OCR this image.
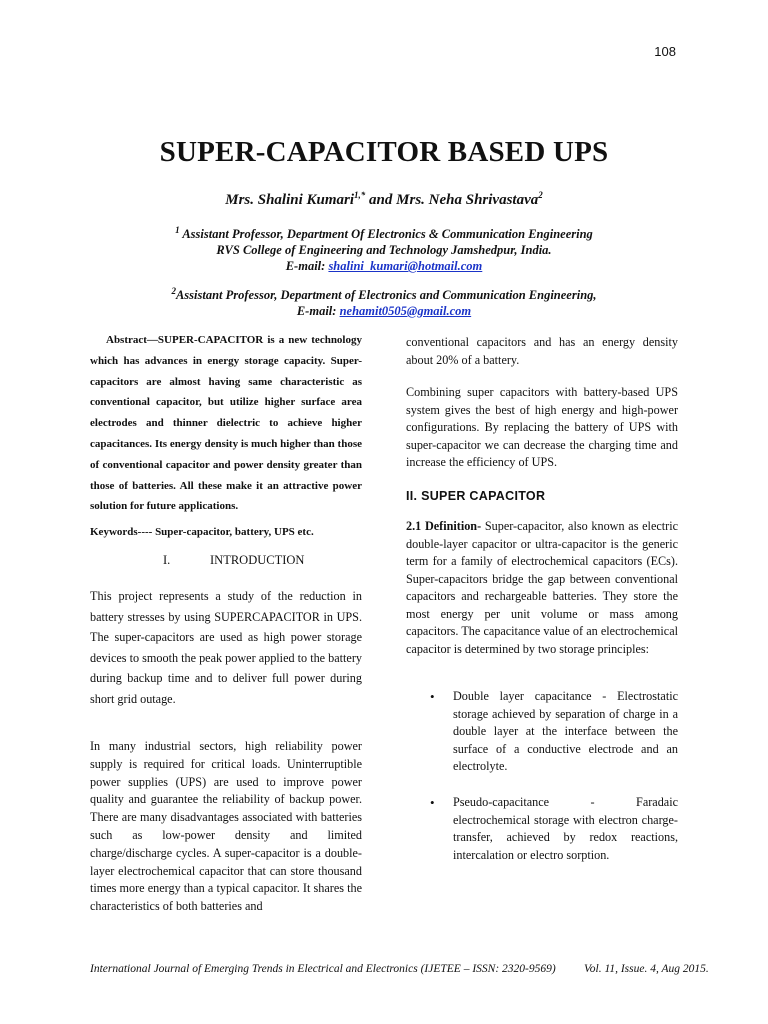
108
SUPER-CAPACITOR BASED UPS
Mrs. Shalini Kumari$^{1,*}$ and Mrs. Neha Shrivastava$^2$
$^1$ Assistant Professor, Department Of Electronics & Communication Engineering
RVS College of Engineering and Technology Jamshedpur, India.
E-mail: shalini_kumari@hotmail.com
$^2$Assistant Professor, Department of Electronics and Communication Engineering,
E-mail: nehamit0505@gmail.com
Abstract—SUPER-CAPACITOR is a new technology which has advances in energy storage capacity. Super-capacitors are almost having same characteristic as conventional capacitor, but utilize higher surface area electrodes and thinner dielectric to achieve higher capacitances. Its energy density is much higher than those of conventional capacitor and power density greater than those of batteries. All these make it an attractive power solution for future applications.
Keywords---- Super-capacitor, battery, UPS etc.
I.	INTRODUCTION
This project represents a study of the reduction in battery stresses by using SUPERCAPACITOR in UPS. The super-capacitors are used as high power storage devices to smooth the peak power applied to the battery during backup time and to deliver full power during short grid outage.
In many industrial sectors, high reliability power supply is required for critical loads. Uninterruptible power supplies (UPS) are used to improve power quality and guarantee the reliability of backup power. There are many disadvantages associated with batteries such as low-power density and limited charge/discharge cycles. A super-capacitor is a double- layer electrochemical capacitor that can store thousand times more energy than a typical capacitor. It shares the characteristics of both batteries and
conventional capacitors and has an energy density about 20% of a battery.
Combining super capacitors with battery-based UPS system gives the best of high energy and high-power configurations. By replacing the battery of UPS with super-capacitor we can decrease the charging time and increase the efficiency of UPS.
II. SUPER CAPACITOR
2.1 Definition- Super-capacitor, also known as electric double-layer capacitor or ultra-capacitor is the generic term for a family of electrochemical capacitors (ECs). Super-capacitors bridge the gap between conventional capacitors and rechargeable batteries. They store the most energy per unit volume or mass among capacitors. The capacitance value of an electrochemical capacitor is determined by two storage principles:
• Double layer capacitance - Electrostatic storage achieved by separation of charge in a double layer at the interface between the surface of a conductive electrode and an electrolyte.
• Pseudo-capacitance - Faradaic electrochemical storage with electron charge- transfer, achieved by redox reactions, intercalation or electro sorption.
International Journal of Emerging Trends in Electrical and Electronics (IJETEE – ISSN: 2320-9569) Vol. 11, Issue. 4, Aug 2015.
